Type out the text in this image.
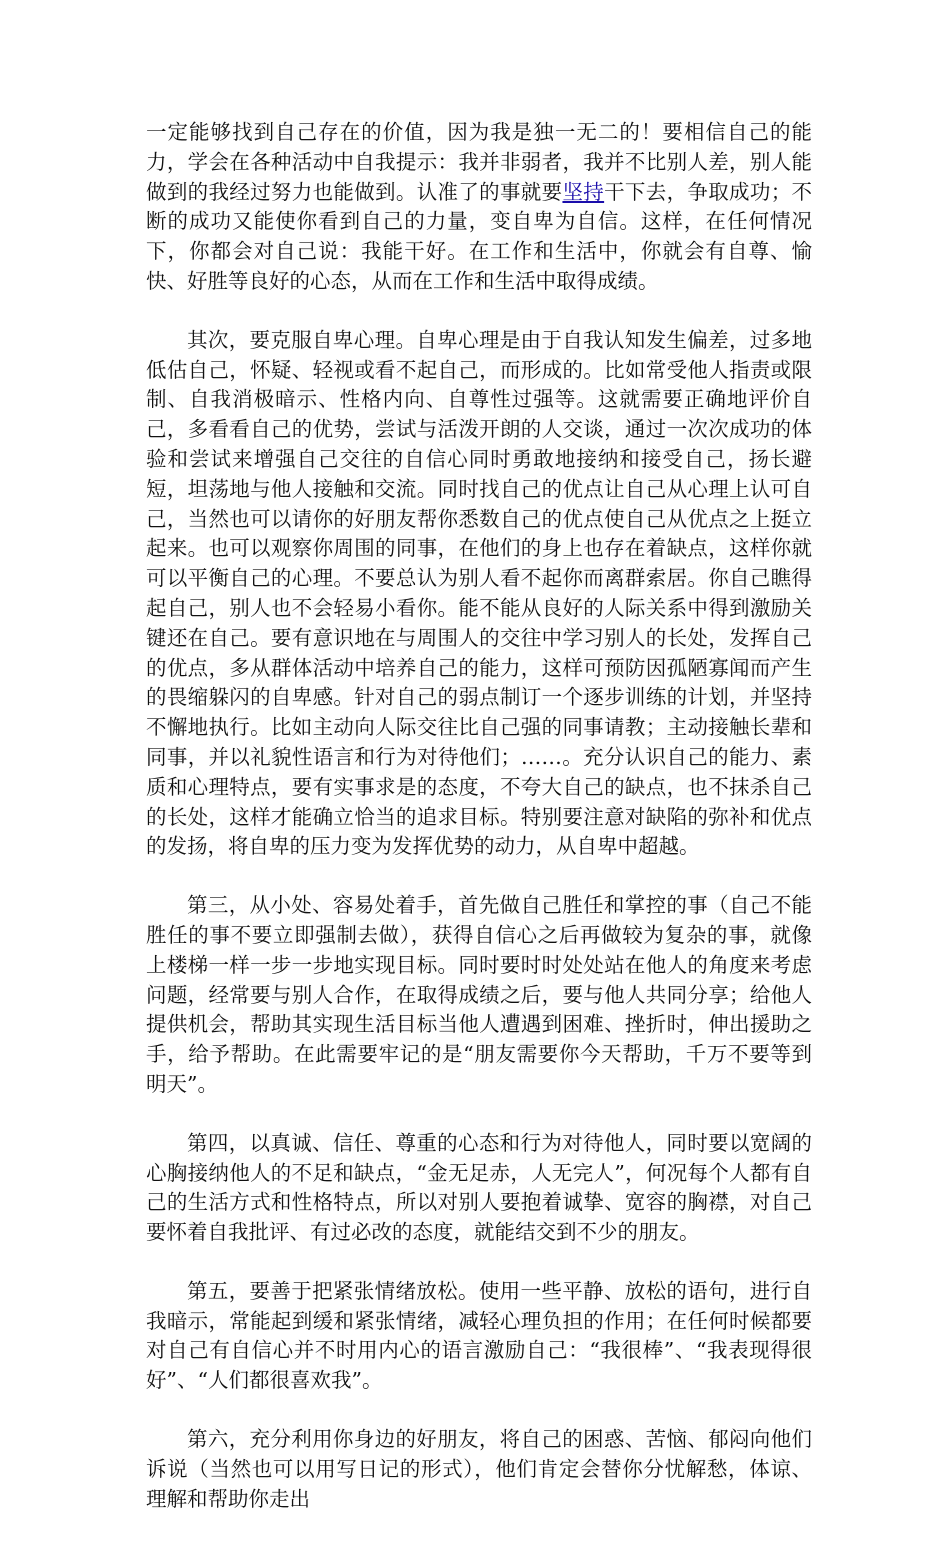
一定能够找到自己存在的价值，因为我是独一无二的！要相信自己的能力，学会在各种活动中自我提示：我并非弱者，我并不比别人差，别人能做到的我经过努力也能做到。认准了的事就要坚持干下去，争取成功；不断的成功又能使你看到自己的力量，变自卑为自信。这样，在任何情况下，你都会对自己说：我能干好。在工作和生活中，你就会有自尊、愉快、好胜等良好的心态，从而在工作和生活中取得成绩。

其次，要克服自卑心理。自卑心理是由于自我认知发生偏差，过多地低估自己，怀疑、轻视或看不起自己，而形成的。比如常受他人指责或限制、自我消极暗示、性格内向、自尊性过强等。这就需要正确地评价自己，多看看自己的优势，尝试与活泼开朗的人交谈，通过一次次成功的体验和尝试来增强自己交往的自信心同时勇敢地接纳和接受自己，扬长避短，坦荡地与他人接触和交流。同时找自己的优点让自己从心理上认可自己，当然也可以请你的好朋友帮你悉数自己的优点使自己从优点之上挺立起来。也可以观察你周围的同事，在他们的身上也存在着缺点，这样你就可以平衡自己的心理。不要总认为别人看不起你而离群索居。你自己瞧得起自己，别人也不会轻易小看你。能不能从良好的人际关系中得到激励关键还在自己。要有意识地在与周围人的交往中学习别人的长处，发挥自己的优点，多从群体活动中培养自己的能力，这样可预防因孤陋寡闻而产生的畏缩躲闪的自卑感。针对自己的弱点制订一个逐步训练的计划，并坚持不懈地执行。比如主动向人际交往比自己强的同事请教；主动接触长辈和同事，并以礼貌性语言和行为对待他们；……。充分认识自己的能力、素质和心理特点，要有实事求是的态度，不夸大自己的缺点，也不抹杀自己的长处，这样才能确立恰当的追求目标。特别要注意对缺陷的弥补和优点的发扬，将自卑的压力变为发挥优势的动力，从自卑中超越。

第三，从小处、容易处着手，首先做自己胜任和掌控的事（自己不能胜任的事不要立即强制去做），获得自信心之后再做较为复杂的事，就像上楼梯一样一步一步地实现目标。同时要时时处处站在他人的角度来考虑问题，经常要与别人合作，在取得成绩之后，要与他人共同分享；给他人提供机会，帮助其实现生活目标当他人遭遇到困难、挫折时，伸出援助之手，给予帮助。在此需要牢记的是“朋友需要你今天帮助，千万不要等到明天”。

第四，以真诚、信任、尊重的心态和行为对待他人，同时要以宽阔的心胸接纳他人的不足和缺点，“金无足赤，人无完人”，何况每个人都有自己的生活方式和性格特点，所以对别人要抱着诚挚、宽容的胸襟，对自己要怀着自我批评、有过必改的态度，就能结交到不少的朋友。

第五，要善于把紧张情绪放松。使用一些平静、放松的语句，进行自我暗示，常能起到缓和紧张情绪，减轻心理负担的作用；在任何时候都要对自己有自信心并不时用内心的语言激励自己：“我很棒”、“我表现得很好”、“人们都很喜欢我”。

第六，充分利用你身边的好朋友，将自己的困惑、苦恼、郁闷向他们诉说（当然也可以用写日记的形式），他们肯定会替你分忧解愁，体谅、理解和帮助你走出
